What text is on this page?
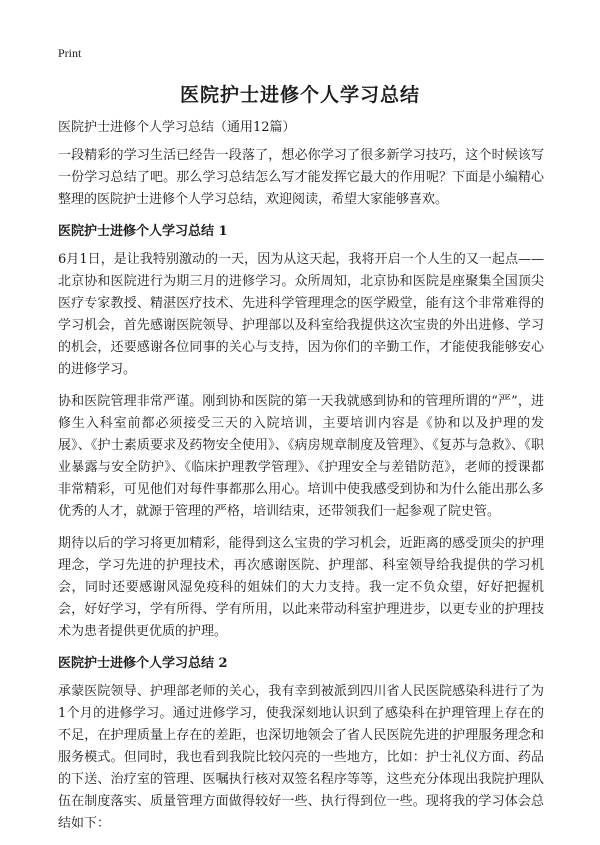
Print
医院护士进修个人学习总结
医院护士进修个人学习总结（通用12篇）

一段精彩的学习生活已经告一段落了，想必你学习了很多新学习技巧，这个时候该写一份学习总结了吧。那么学习总结怎么写才能发挥它最大的作用呢？下面是小编精心整理的医院护士进修个人学习总结，欢迎阅读，希望大家能够喜欢。

医院护士进修个人学习总结 1

6月1日，是让我特别激动的一天，因为从这天起，我将开启一个人生的又一起点——北京协和医院进行为期三月的进修学习。众所周知，北京协和医院是座聚集全国顶尖医疗专家教授、精湛医疗技术、先进科学管理理念的医学殿堂，能有这个非常难得的学习机会，首先感谢医院领导、护理部以及科室给我提供这次宝贵的外出进修、学习的机会，还要感谢各位同事的关心与支持，因为你们的辛勤工作，才能使我能够安心的进修学习。

协和医院管理非常严谨。刚到协和医院的第一天我就感到协和的管理所谓的“严”，进修生入科室前都必须接受三天的入院培训，主要培训内容是《协和以及护理的发展》、《护士素质要求及药物安全使用》、《病房规章制度及管理》、《复苏与急救》、《职业暴露与安全防护》、《临床护理教学管理》、《护理安全与差错防范》，老师的授课都非常精彩，可见他们对每件事都那么用心。培训中使我感受到协和为什么能出那么多优秀的人才，就源于管理的严格，培训结束，还带领我们一起参观了院史管。

期待以后的学习将更加精彩，能得到这么宝贵的学习机会，近距离的感受顶尖的护理理念，学习先进的护理技术，再次感谢医院、护理部、科室领导给我提供的学习机会，同时还要感谢风湿免疫科的姐妹们的大力支持。我一定不负众望，好好把握机会，好好学习，学有所得、学有所用，以此来带动科室护理进步，以更专业的护理技术为患者提供更优质的护理。

医院护士进修个人学习总结 2

承蒙医院领导、护理部老师的关心，我有幸到被派到四川省人民医院感染科进行了为1个月的进修学习。通过进修学习，使我深刻地认识到了感染科在护理管理上存在的不足，在护理质量上存在的差距，也深切地领会了省人民医院先进的护理服务理念和服务模式。但同时，我也看到我院比较闪亮的一些地方，比如：护士礼仪方面、药品的下送、治疗室的管理、医嘱执行核对双签名程序等等，这些充分体现出我院护理队伍在制度落实、质量管理方面做得较好一些、执行得到位一些。现将我的学习体会总结如下：
